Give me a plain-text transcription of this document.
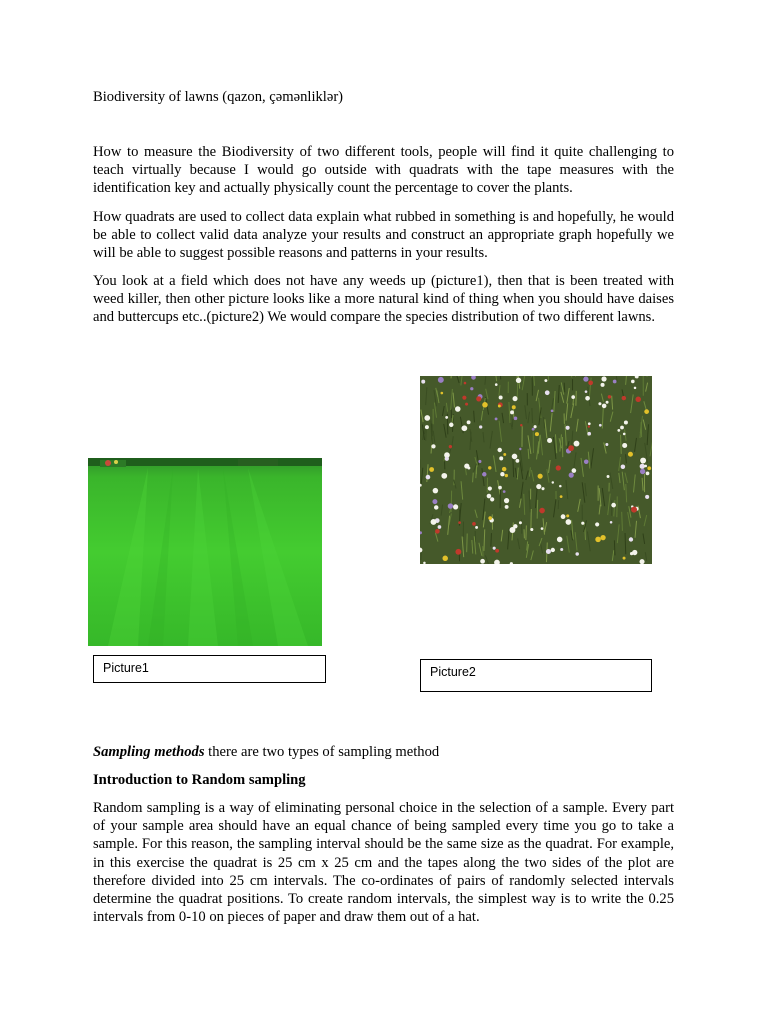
Biodiversity of lawns (qazon, çəmənliklər)

How to measure the Biodiversity of two different tools, people will find it quite challenging to teach virtually because I would go outside with quadrats with the tape measures with the identification key and actually physically count the percentage to cover the plants.

How quadrats are used to collect data explain what rubbed in something is and hopefully, he would be able to collect valid data analyze your results and construct an appropriate graph hopefully we will be able to suggest possible reasons and patterns in your results.

You look at a field which does not have any weeds up (picture1), then that is been treated with weed killer, then other picture looks like a more natural kind of thing when you should have daises and buttercups etc..(picture2) We would compare the species distribution of two different lawns.

Picture1	Picture2

Sampling methods there are two types of sampling method

Introduction to Random sampling

Random sampling is a way of eliminating personal choice in the selection of a sample. Every part of your sample area should have an equal chance of being sampled every time you go to take a sample. For this reason, the sampling interval should be the same size as the quadrat. For example, in this exercise the quadrat is 25 cm x 25 cm and the tapes along the two sides of the plot are therefore divided into 25 cm intervals. The co-ordinates of pairs of randomly selected intervals determine the quadrat positions. To create random intervals, the simplest way is to write the 0.25 intervals from 0-10 on pieces of paper and draw them out of a hat.
